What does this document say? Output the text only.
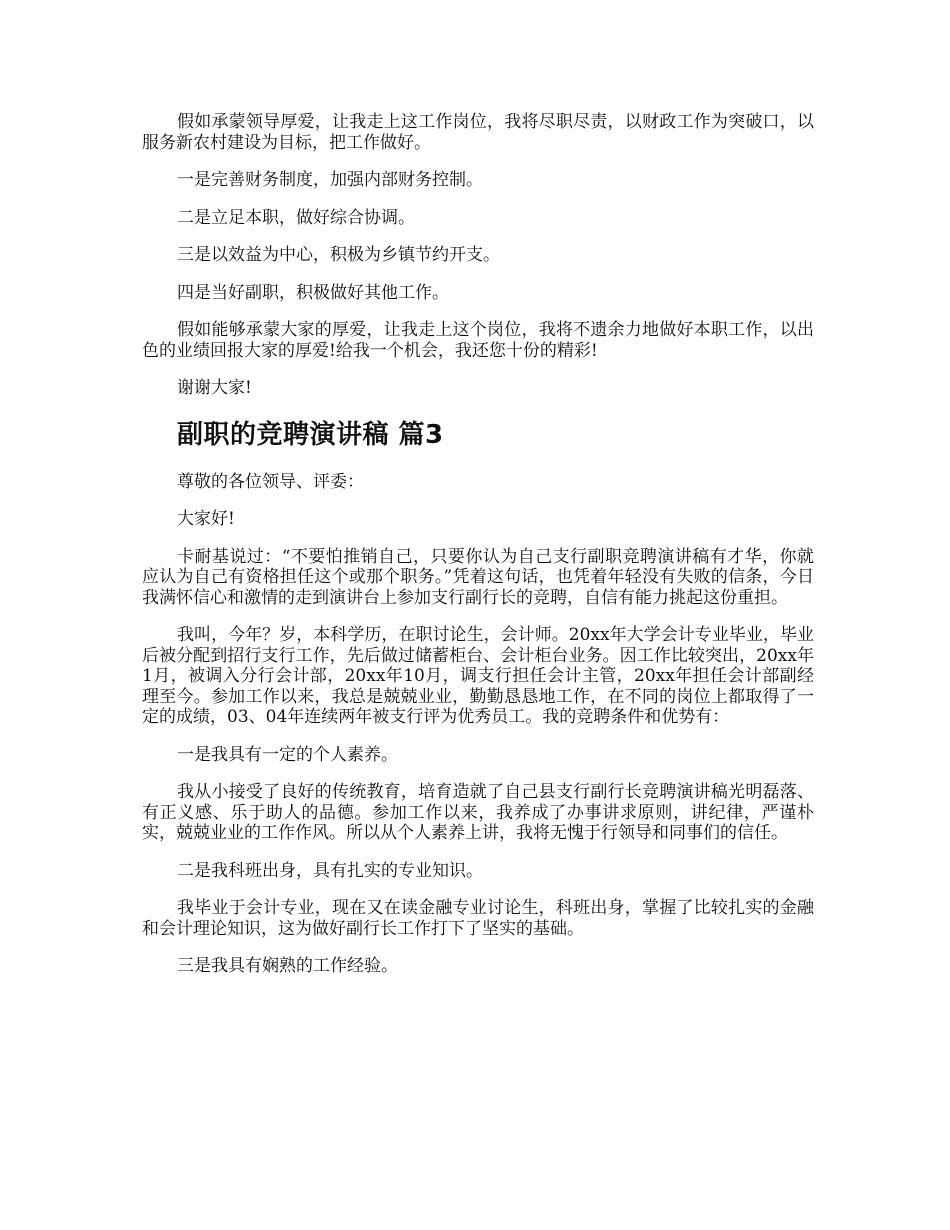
假如承蒙领导厚爱，让我走上这工作岗位，我将尽职尽责，以财政工作为突破口，以服务新农村建设为目标，把工作做好。

一是完善财务制度，加强内部财务控制。

二是立足本职，做好综合协调。

三是以效益为中心，积极为乡镇节约开支。

四是当好副职，积极做好其他工作。

假如能够承蒙大家的厚爱，让我走上这个岗位，我将不遗余力地做好本职工作，以出色的业绩回报大家的厚爱!给我一个机会，我还您十份的精彩!

谢谢大家!

副职的竞聘演讲稿 篇3

尊敬的各位领导、评委：

大家好!

卡耐基说过：“不要怕推销自己，只要你认为自己支行副职竞聘演讲稿有才华，你就应认为自己有资格担任这个或那个职务。”凭着这句话，也凭着年轻没有失败的信条，今日我满怀信心和激情的走到演讲台上参加支行副行长的竞聘，自信有能力挑起这份重担。

我叫，今年？岁，本科学历，在职讨论生，会计师。20xx年大学会计专业毕业，毕业后被分配到招行支行工作，先后做过储蓄柜台、会计柜台业务。因工作比较突出，20xx年1月，被调入分行会计部，20xx年10月，调支行担任会计主管，20xx年担任会计部副经理至今。参加工作以来，我总是兢兢业业，勤勤恳恳地工作，在不同的岗位上都取得了一定的成绩，03、04年连续两年被支行评为优秀员工。我的竞聘条件和优势有：

一是我具有一定的个人素养。

我从小接受了良好的传统教育，培育造就了自己县支行副行长竞聘演讲稿光明磊落、有正义感、乐于助人的品德。参加工作以来，我养成了办事讲求原则，讲纪律，严谨朴实，兢兢业业的工作作风。所以从个人素养上讲，我将无愧于行领导和同事们的信任。

二是我科班出身，具有扎实的专业知识。

我毕业于会计专业，现在又在读金融专业讨论生，科班出身，掌握了比较扎实的金融和会计理论知识，这为做好副行长工作打下了坚实的基础。

三是我具有娴熟的工作经验。
